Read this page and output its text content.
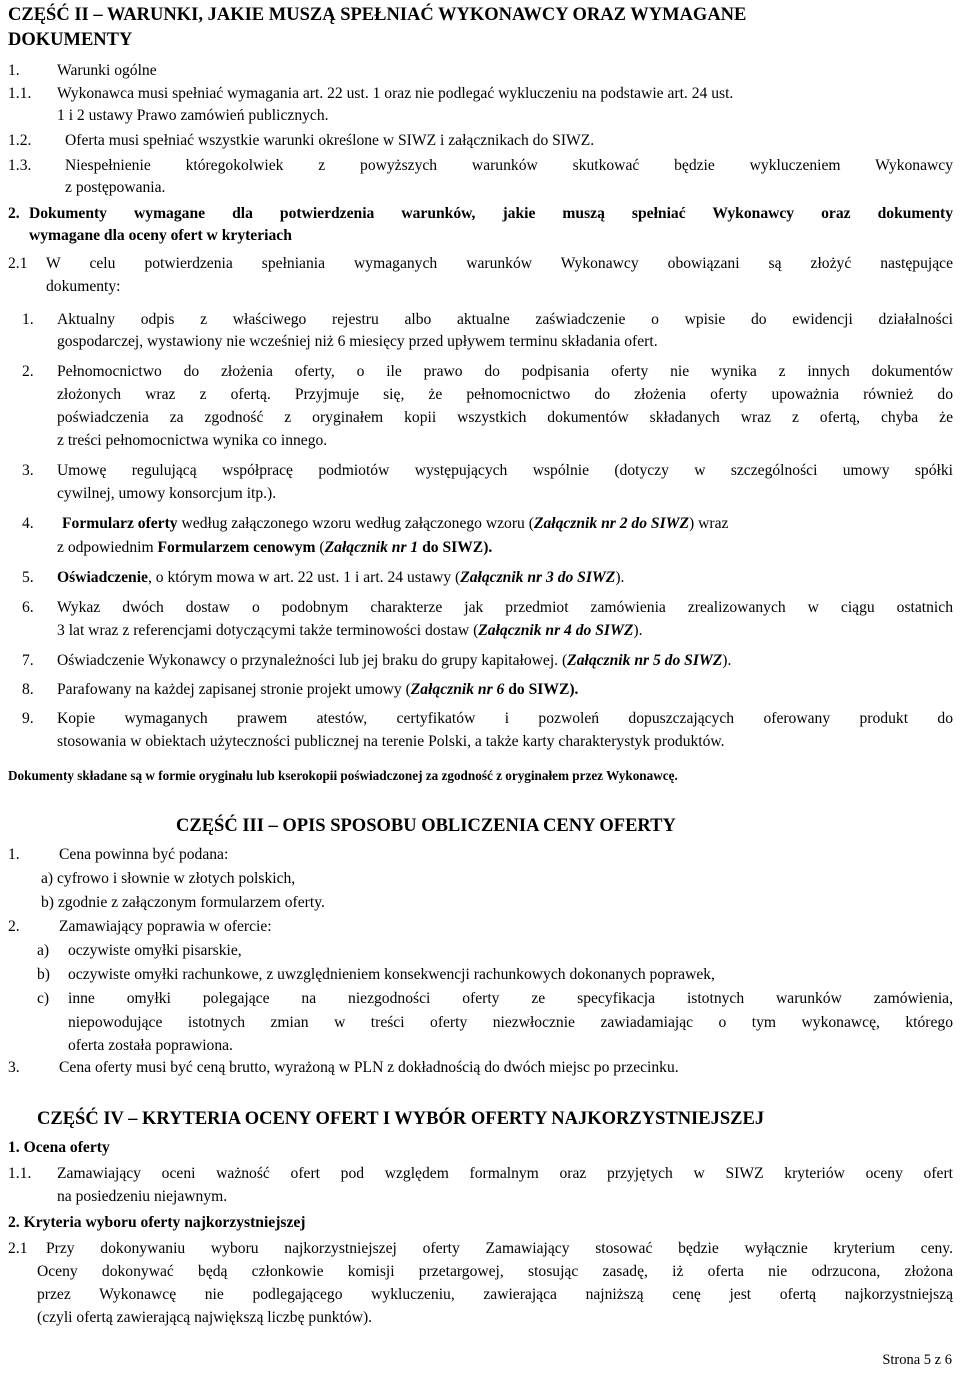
CZĘŚĆ II – WARUNKI, JAKIE MUSZĄ SPEŁNIAĆ WYKONAWCY ORAZ WYMAGANE
DOKUMENTY
1. Warunki ogólne
1.1. Wykonawca musi spełniać wymagania art. 22 ust. 1 oraz nie podlegać wykluczeniu na podstawie art. 24 ust.
1 i 2 ustawy Prawo zamówień publicznych.
1.2. Oferta musi spełniać wszystkie warunki określone w SIWZ i załącznikach do SIWZ.
1.3. Niespełnienie któregokolwiek z powyższych warunków skutkować będzie wykluczeniem Wykonawcy
z postępowania.
2. Dokumenty wymagane dla potwierdzenia warunków, jakie muszą spełniać Wykonawcy oraz dokumenty
wymagane dla oceny ofert w kryteriach
2.1 W celu potwierdzenia spełniania wymaganych warunków Wykonawcy obowiązani są złożyć następujące
dokumenty:
1. Aktualny odpis z właściwego rejestru albo aktualne zaświadczenie o wpisie do ewidencji działalności
gospodarczej, wystawiony nie wcześniej niż 6 miesięcy przed upływem terminu składania ofert.
2. Pełnomocnictwo do złożenia oferty, o ile prawo do podpisania oferty nie wynika z innych dokumentów
złożonych wraz z ofertą. Przyjmuje się, że pełnomocnictwo do złożenia oferty upoważnia również do
poświadczenia za zgodność z oryginałem kopii wszystkich dokumentów składanych wraz z ofertą, chyba że
z treści pełnomocnictwa wynika co innego.
3. Umowę regulującą współpracę podmiotów występujących wspólnie (dotyczy w szczególności umowy spółki
cywilnej, umowy konsorcjum itp.).
4. Formularz oferty według załączonego wzoru według załączonego wzoru (Załącznik nr 2 do SIWZ) wraz
z odpowiednim Formularzem cenowym (Załącznik nr 1 do SIWZ).
5. Oświadczenie, o którym mowa w art. 22 ust. 1 i art. 24 ustawy (Załącznik nr 3 do SIWZ).
6. Wykaz dwóch dostaw o podobnym charakterze jak przedmiot zamówienia zrealizowanych w ciągu ostatnich
3 lat wraz z referencjami dotyczącymi także terminowości dostaw (Załącznik nr 4 do SIWZ).
7. Oświadczenie Wykonawcy o przynależności lub jej braku do grupy kapitałowej. (Załącznik nr 5 do SIWZ).
8. Parafowany na każdej zapisanej stronie projekt umowy (Załącznik nr 6 do SIWZ).
9. Kopie wymaganych prawem atestów, certyfikatów i pozwoleń dopuszczających oferowany produkt do
stosowania w obiektach użyteczności publicznej na terenie Polski, a także karty charakterystyk produktów.
Dokumenty składane są w formie oryginału lub kserokopii poświadczonej za zgodność z oryginałem przez Wykonawcę.
CZĘŚĆ III – OPIS SPOSOBU OBLICZENIA CENY OFERTY
1.	Cena powinna być podana:
a) cyfrowo i słownie w złotych polskich,
b) zgodnie z załączonym formularzem oferty.
2.	Zamawiający poprawia w ofercie:
a) oczywiste omyłki pisarskie,
b) oczywiste omyłki rachunkowe, z uwzględnieniem konsekwencji rachunkowych dokonanych poprawek,
c) inne omyłki polegające na niezgodności oferty ze specyfikacja istotnych warunków zamówienia,
niepowodujące istotnych zmian w treści oferty niezwłocznie zawiadamiając o tym wykonawcę, którego
oferta została poprawiona.
3.	Cena oferty musi być ceną brutto, wyrażoną w PLN z dokładnością do dwóch miejsc po przecinku.
CZĘŚĆ IV – KRYTERIA OCENY OFERT I WYBÓR OFERTY NAJKORZYSTNIEJSZEJ
1. Ocena oferty
1.1. Zamawiający oceni ważność ofert pod względem formalnym oraz przyjętych w SIWZ kryteriów oceny ofert
na posiedzeniu niejawnym.
2. Kryteria wyboru oferty najkorzystniejszej
2.1 Przy dokonywaniu wyboru najkorzystniejszej oferty Zamawiający stosować będzie wyłącznie kryterium ceny.
Oceny dokonywać będą członkowie komisji przetargowej, stosując zasadę, iż oferta nie odrzucona, złożona
przez Wykonawcę nie podlegającego wykluczeniu, zawierająca najniższą cenę jest ofertą najkorzystniejszą
(czyli ofertą zawierającą największą liczbę punktów).
Strona 5 z 6
